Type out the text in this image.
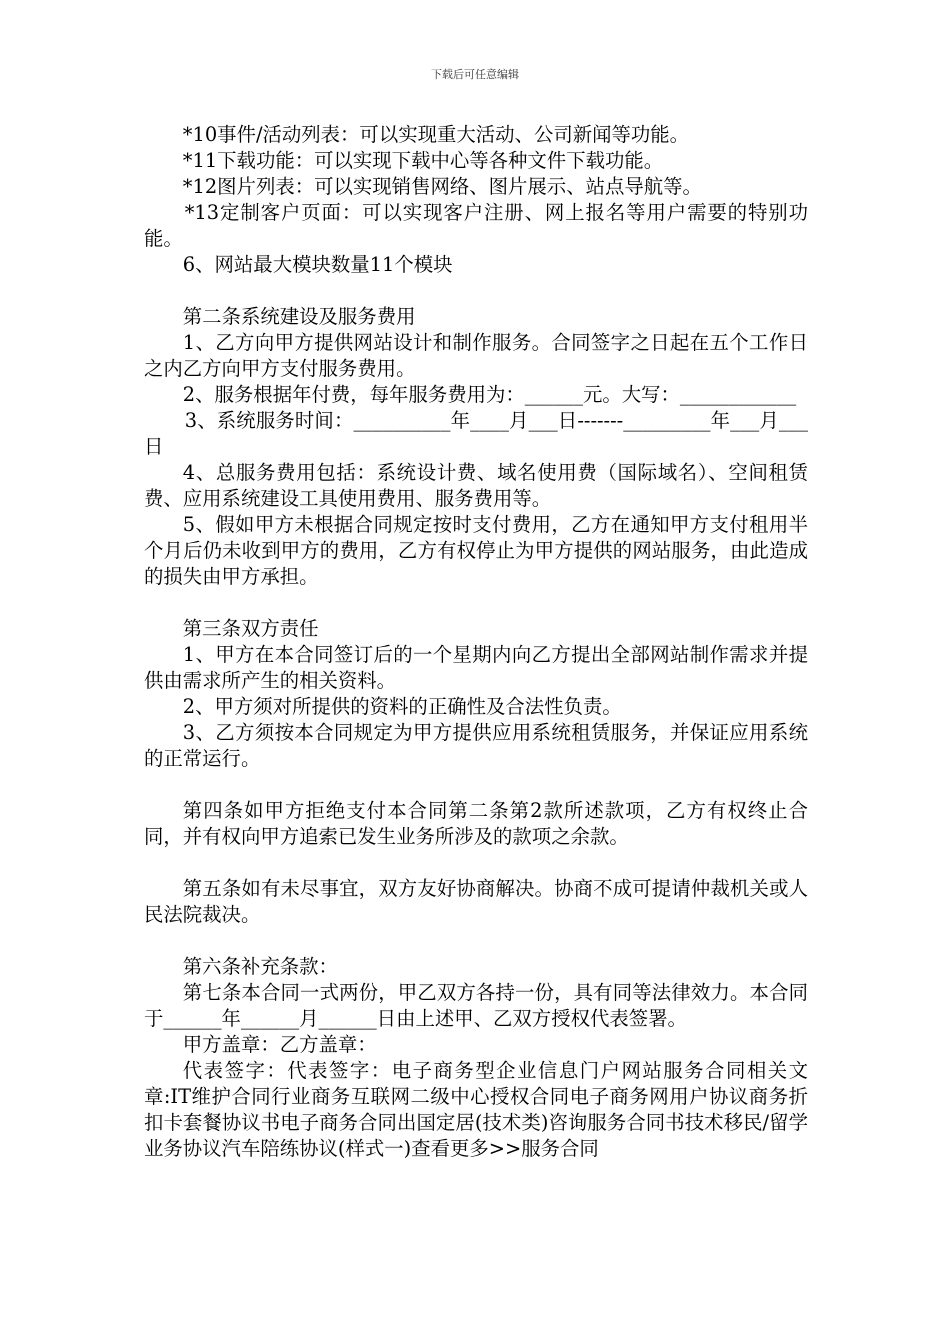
下载后可任意编辑

*10事件/活动列表：可以实现重大活动、公司新闻等功能。

*11下载功能：可以实现下载中心等各种文件下载功能。

*12图片列表：可以实现销售网络、图片展示、站点导航等。

*13定制客户页面：可以实现客户注册、网上报名等用户需要的特别功能。

6、网站最大模块数量11个模块

第二条系统建设及服务费用

1、乙方向甲方提供网站设计和制作服务。合同签字之日起在五个工作日之内乙方向甲方支付服务费用。

2、服务根据年付费，每年服务费用为：______元。大写：____________

3、系统服务时间：__________年____月___日-------_________年___月___日

4、总服务费用包括：系统设计费、域名使用费（国际域名）、空间租赁费、应用系统建设工具使用费用、服务费用等。

5、假如甲方未根据合同规定按时支付费用，乙方在通知甲方支付租用半个月后仍未收到甲方的费用，乙方有权停止为甲方提供的网站服务，由此造成的损失由甲方承担。

第三条双方责任

1、甲方在本合同签订后的一个星期内向乙方提出全部网站制作需求并提供由需求所产生的相关资料。

2、甲方须对所提供的资料的正确性及合法性负责。

3、乙方须按本合同规定为甲方提供应用系统租赁服务，并保证应用系统的正常运行。

第四条如甲方拒绝支付本合同第二条第2款所述款项，乙方有权终止合同，并有权向甲方追索已发生业务所涉及的款项之余款。

第五条如有未尽事宜，双方友好协商解决。协商不成可提请仲裁机关或人民法院裁决。

第六条补充条款：

第七条本合同一式两份，甲乙双方各持一份，具有同等法律效力。本合同于______年______月______日由上述甲、乙双方授权代表签署。

甲方盖章：乙方盖章：

代表签字：代表签字：电子商务型企业信息门户网站服务合同相关文章:IT维护合同行业商务互联网二级中心授权合同电子商务网用户协议商务折扣卡套餐协议书电子商务合同出国定居(技术类)咨询服务合同书技术移民/留学业务协议汽车陪练协议(样式一)查看更多>>服务合同
